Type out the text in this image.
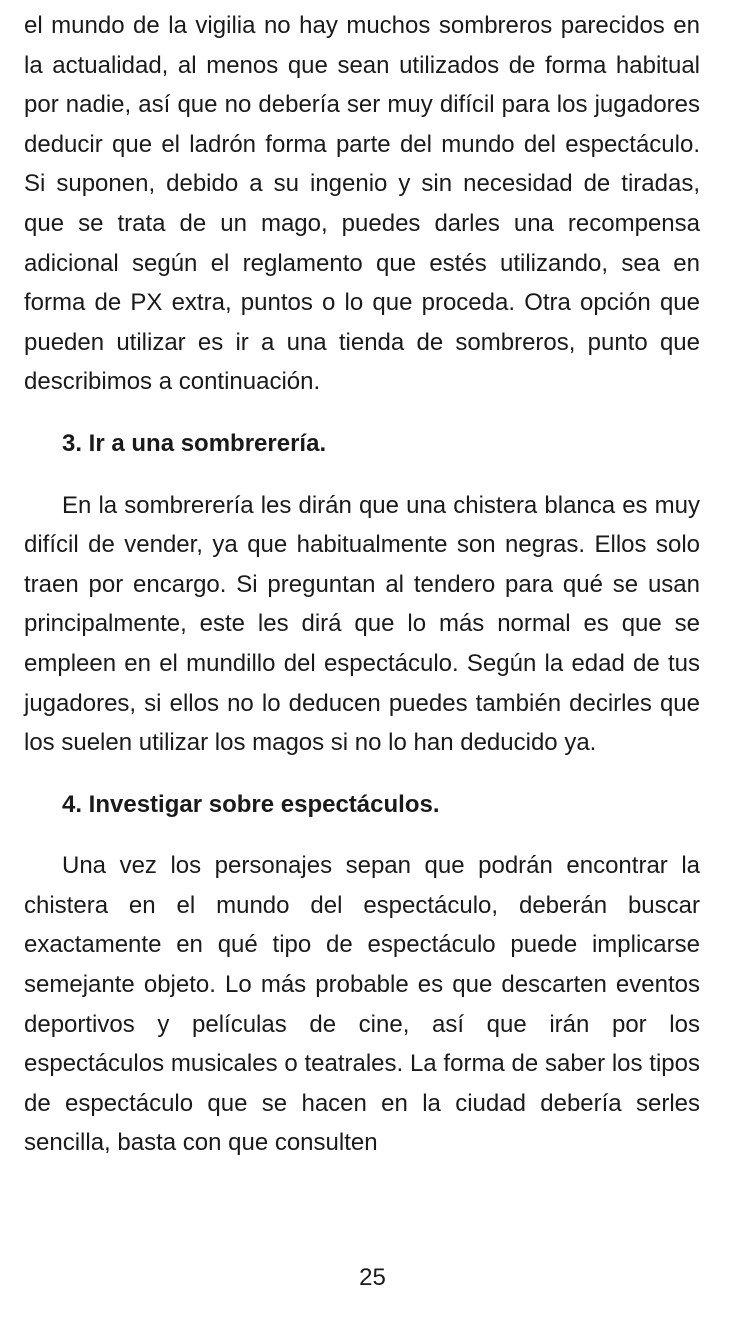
el mundo de la vigilia no hay muchos sombreros parecidos en la actualidad, al menos que sean utilizados de forma habitual por nadie, así que no debería ser muy difícil para los jugadores deducir que el ladrón forma parte del mundo del espectáculo. Si suponen, debido a su ingenio y sin necesidad de tiradas, que se trata de un mago, puedes darles una recompensa adicional según el reglamento que estés utilizando, sea en forma de PX extra, puntos o lo que proceda. Otra opción que pueden utilizar es ir a una tienda de sombreros, punto que describimos a continuación.

3. Ir a una sombrerería.

En la sombrerería les dirán que una chistera blanca es muy difícil de vender, ya que habitualmente son negras. Ellos solo traen por encargo. Si preguntan al tendero para qué se usan principalmente, este les dirá que lo más normal es que se empleen en el mundillo del espectáculo. Según la edad de tus jugadores, si ellos no lo deducen puedes también decirles que los suelen utilizar los magos si no lo han deducido ya.

4. Investigar sobre espectáculos.

Una vez los personajes sepan que podrán encontrar la chistera en el mundo del espectáculo, deberán buscar exactamente en qué tipo de espectáculo puede implicarse semejante objeto. Lo más probable es que descarten eventos deportivos y películas de cine, así que irán por los espectáculos musicales o teatrales. La forma de saber los tipos de espectáculo que se hacen en la ciudad debería serles sencilla, basta con que consulten

25
